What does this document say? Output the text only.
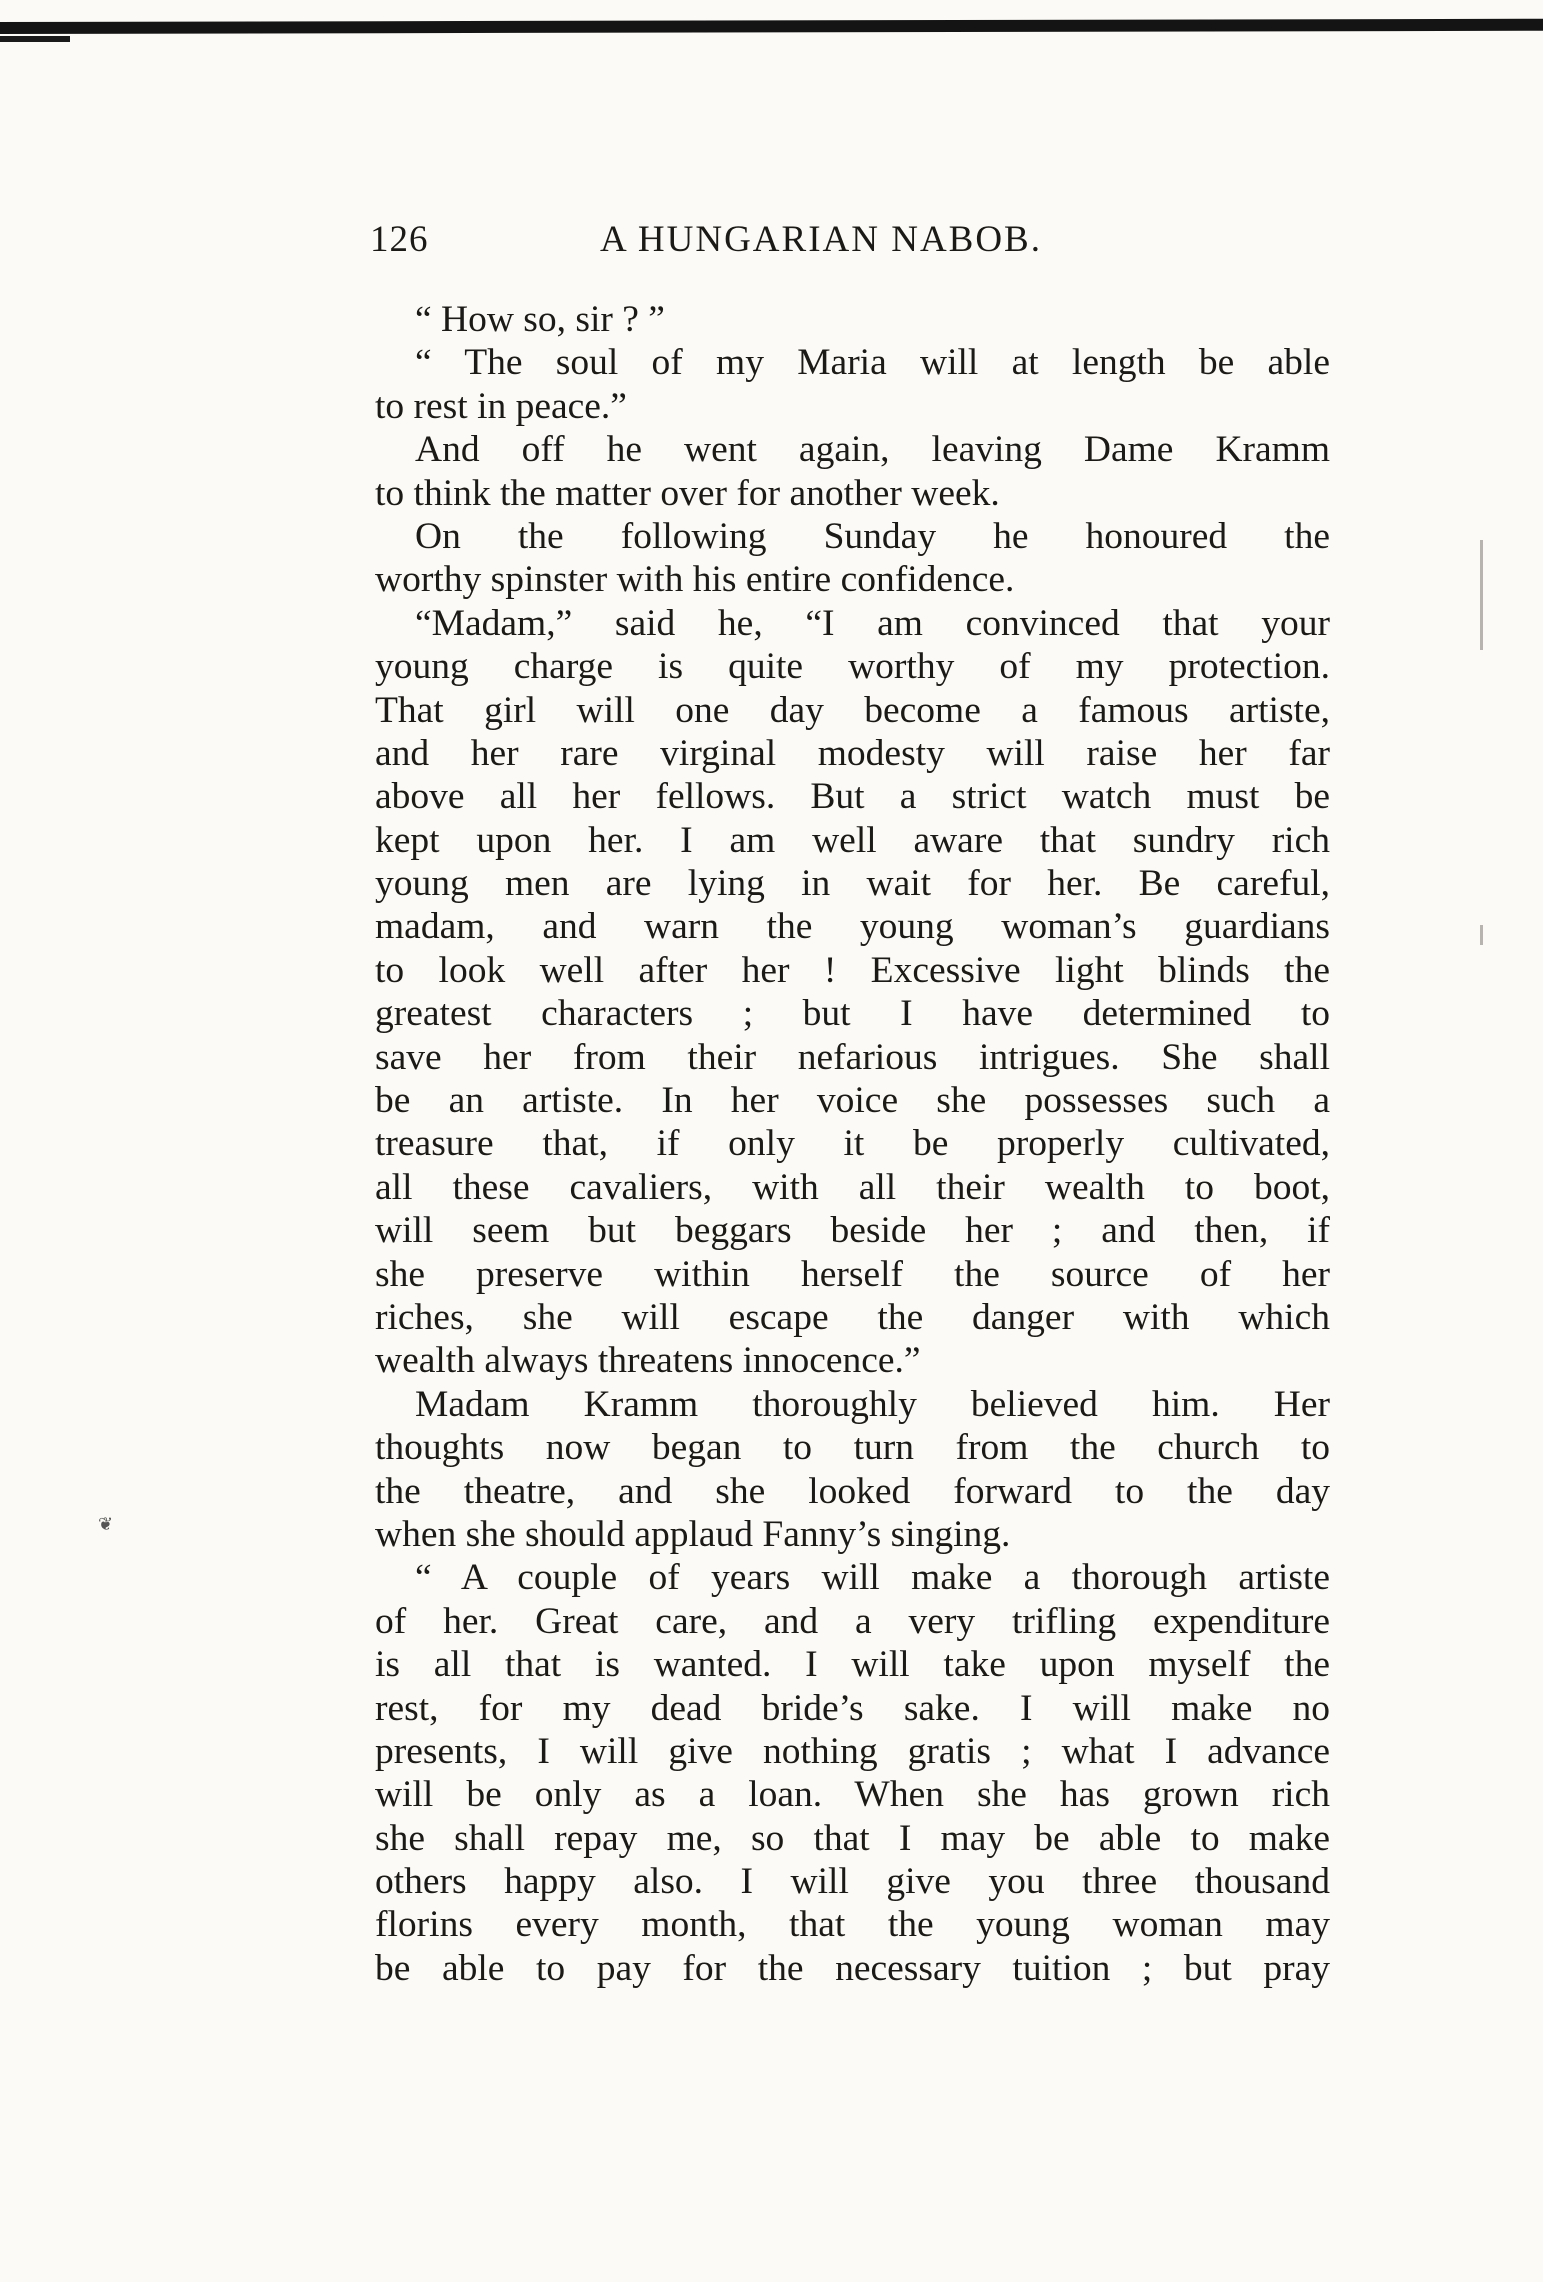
126	A HUNGARIAN NABOB.
“ How so, sir ? ”
“ The soul of my Maria will at length be able
to rest in peace.”
And off he went again, leaving Dame Kramm
to think the matter over for another week.
On the following Sunday he honoured the
worthy spinster with his entire confidence.
“Madam,” said he, “I am convinced that your
young charge is quite worthy of my protection.
That girl will one day become a famous artiste,
and her rare virginal modesty will raise her far
above all her fellows. But a strict watch must be
kept upon her. I am well aware that sundry rich
young men are lying in wait for her. Be careful,
madam, and warn the young woman’s guardians
to look well after her ! Excessive light blinds the
greatest characters ; but I have determined to
save her from their nefarious intrigues. She shall
be an artiste. In her voice she possesses such a
treasure that, if only it be properly cultivated,
all these cavaliers, with all their wealth to boot,
will seem but beggars beside her ; and then, if
she preserve within herself the source of her
riches, she will escape the danger with which
wealth always threatens innocence.”
Madam Kramm thoroughly believed him. Her
thoughts now began to turn from the church to
the theatre, and she looked forward to the day
when she should applaud Fanny’s singing.
“ A couple of years will make a thorough artiste
of her. Great care, and a very trifling expenditure
is all that is wanted. I will take upon myself the
rest, for my dead bride’s sake. I will make no
presents, I will give nothing gratis ; what I advance
will be only as a loan. When she has grown rich
she shall repay me, so that I may be able to make
others happy also. I will give you three thousand
florins every month, that the young woman may
be able to pay for the necessary tuition ; but pray
❦
